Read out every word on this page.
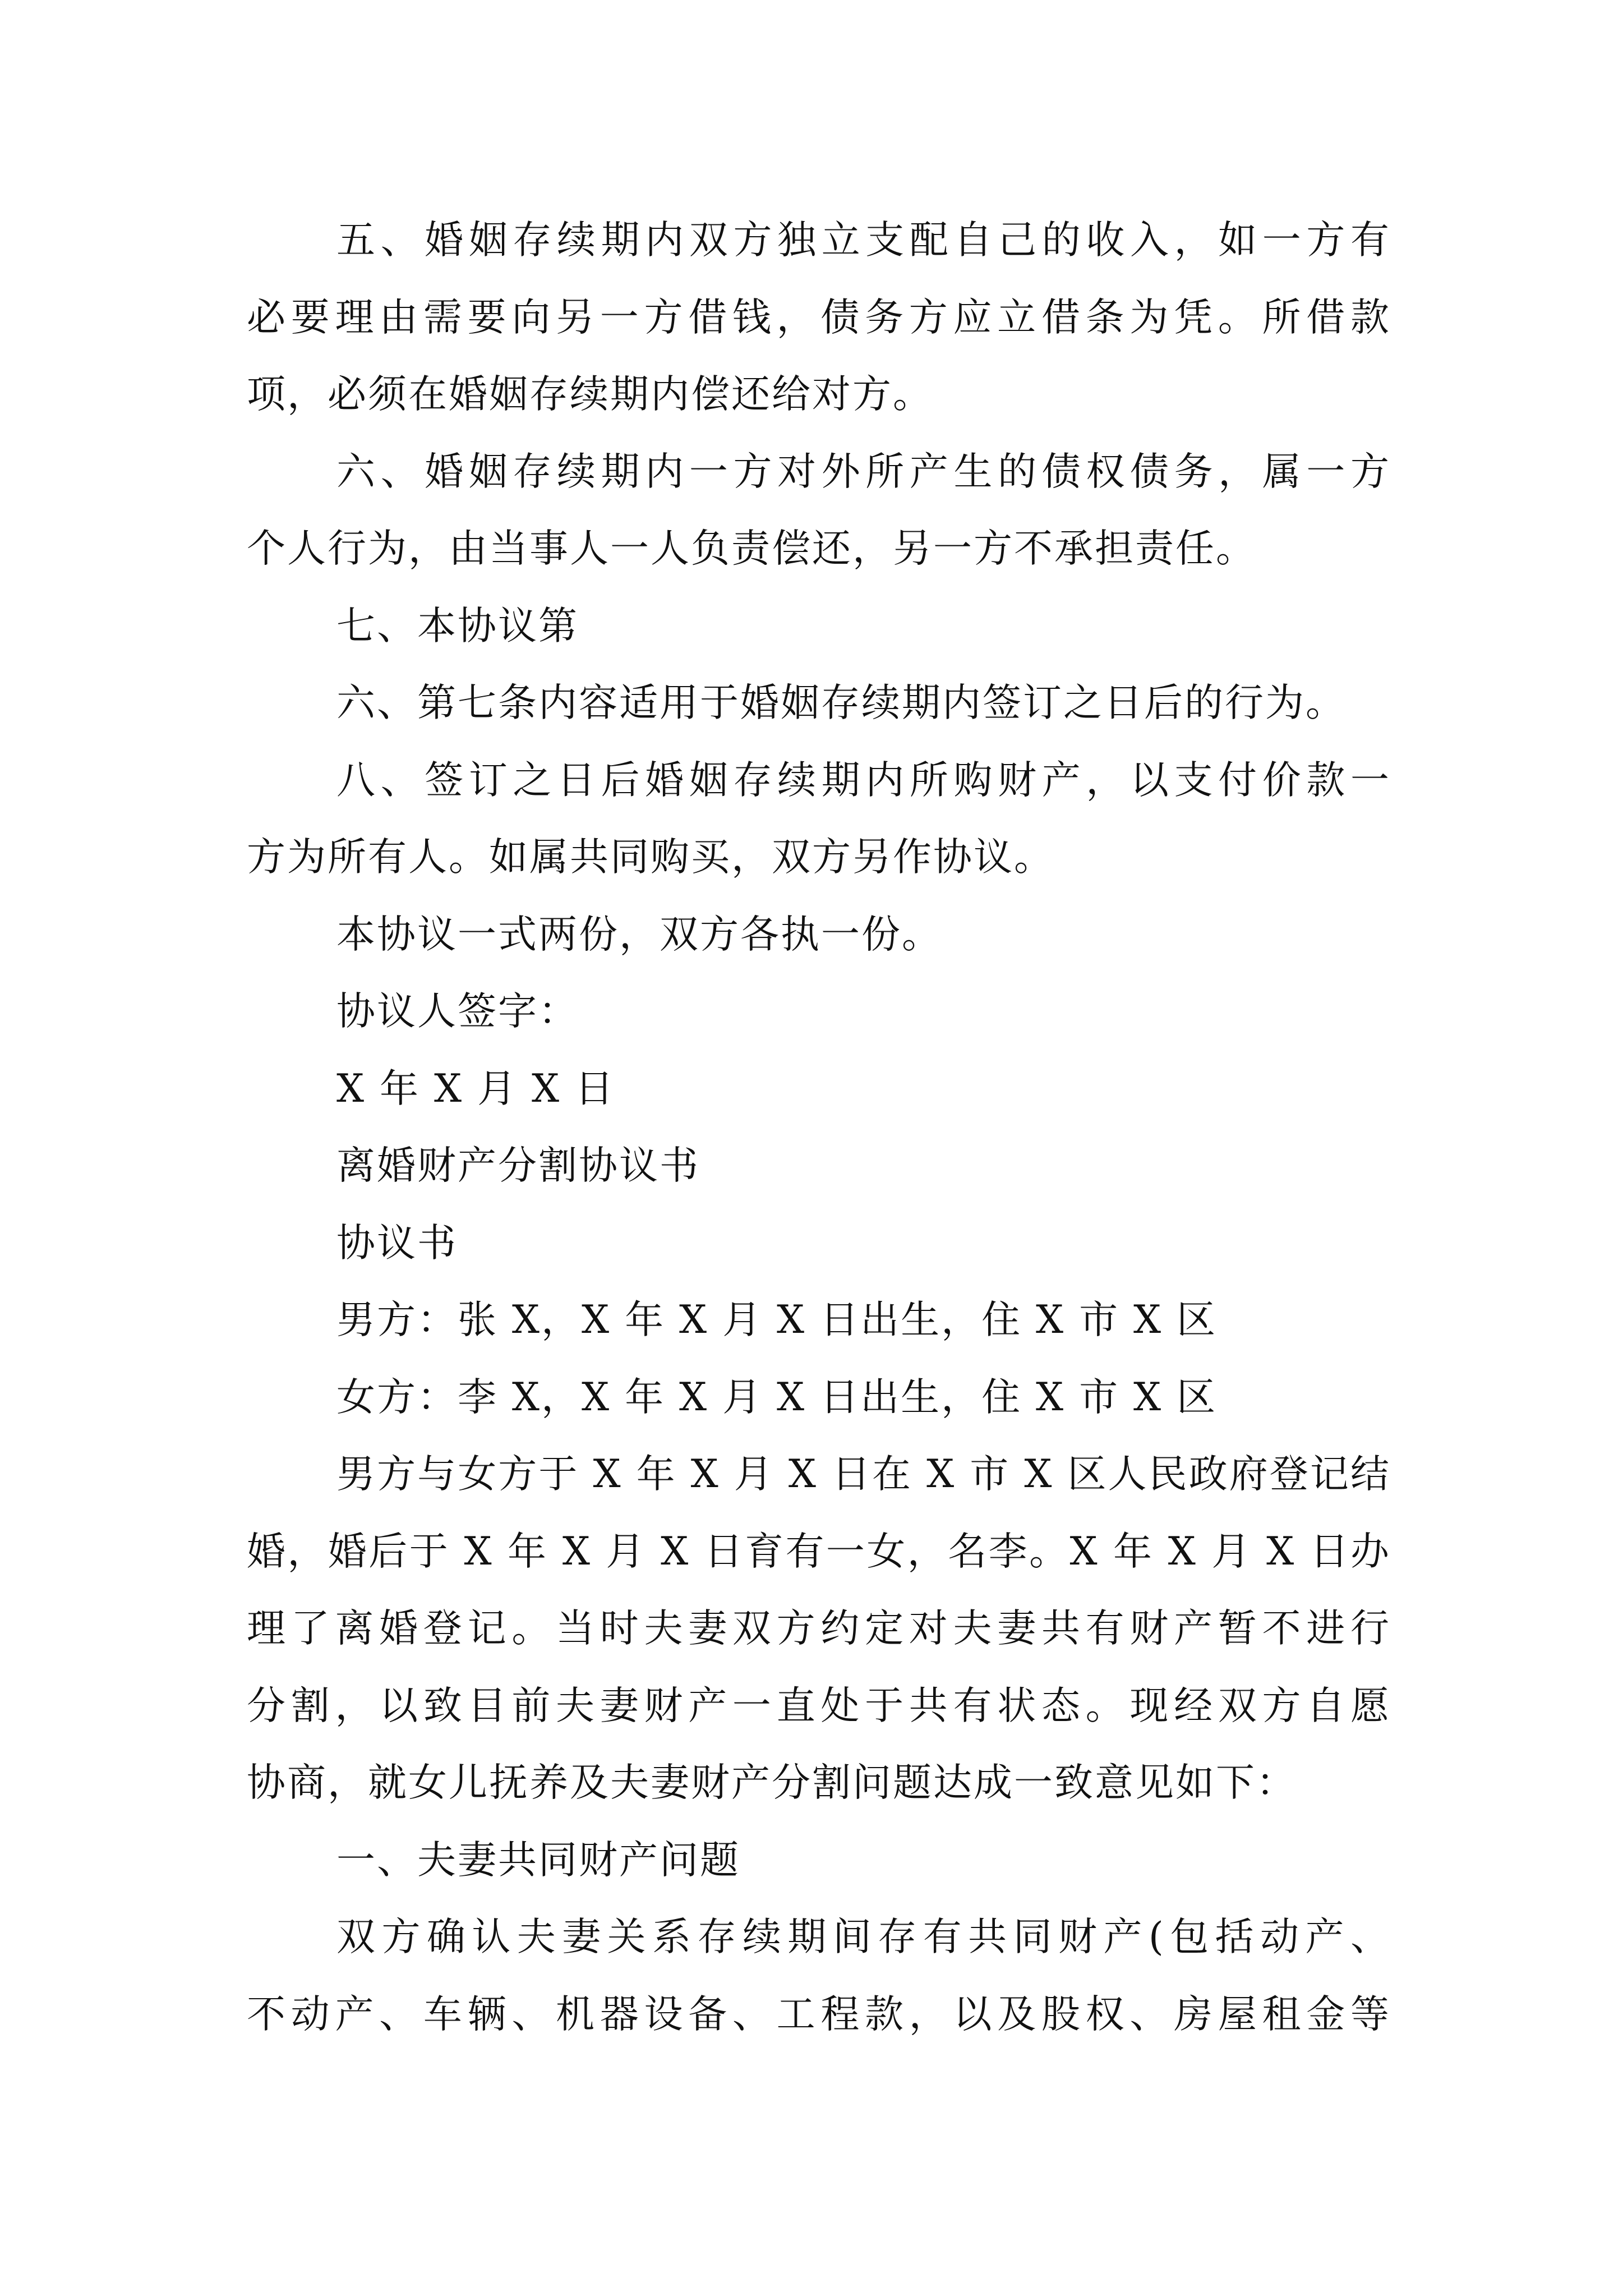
五、婚姻存续期内双方独立支配自己的收入，如一方有
必要理由需要向另一方借钱，债务方应立借条为凭。所借款
项，必须在婚姻存续期内偿还给对方。
六、婚姻存续期内一方对外所产生的债权债务，属一方
个人行为，由当事人一人负责偿还，另一方不承担责任。
七、本协议第
六、第七条内容适用于婚姻存续期内签订之日后的行为。
八、签订之日后婚姻存续期内所购财产，以支付价款一
方为所有人。如属共同购买，双方另作协议。
本协议一式两份，双方各执一份。
协议人签字：
X 年 X 月 X 日
离婚财产分割协议书
协议书
男方：张 X，X 年 X 月 X 日出生，住 X 市 X 区
女方：李 X，X 年 X 月 X 日出生，住 X 市 X 区
男方与女方于 X 年 X 月 X 日在 X 市 X 区人民政府登记结
婚，婚后于 X 年 X 月 X 日育有一女，名李。X 年 X 月 X 日办
理了离婚登记。当时夫妻双方约定对夫妻共有财产暂不进行
分割，以致目前夫妻财产一直处于共有状态。现经双方自愿
协商，就女儿抚养及夫妻财产分割问题达成一致意见如下：
一、夫妻共同财产问题
双方确认夫妻关系存续期间存有共同财产(包括动产、
不动产、车辆、机器设备、工程款，以及股权、房屋租金等
